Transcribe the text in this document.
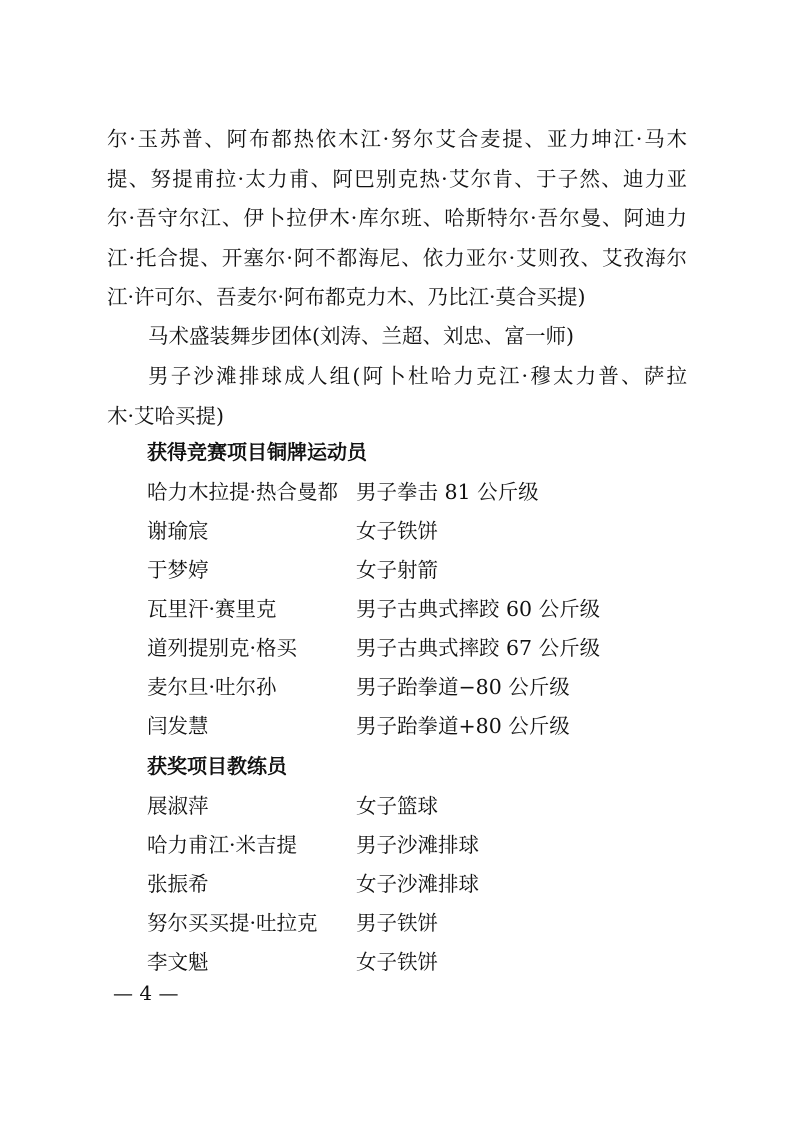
尔·玉苏普、阿布都热依木江·努尔艾合麦提、亚力坤江·马木
提、努提甫拉·太力甫、阿巴别克热·艾尔肯、于子然、迪力亚
尔·吾守尔江、伊卜拉伊木·库尔班、哈斯特尔·吾尔曼、阿迪力
江·托合提、开塞尔·阿不都海尼、依力亚尔·艾则孜、艾孜海尔
江·许可尔、吾麦尔·阿布都克力木、乃比江·莫合买提)
马术盛装舞步团体(刘涛、兰超、刘忠、富一师)
男子沙滩排球成人组(阿卜杜哈力克江·穆太力普、萨拉
木·艾哈买提)
获得竞赛项目铜牌运动员
哈力木拉提·热合曼都 男子拳击 81 公斤级
谢瑜宸	女子铁饼
于梦婷	女子射箭
瓦里汗·赛里克	男子古典式摔跤 60 公斤级
道列提别克·格买	男子古典式摔跤 67 公斤级
麦尔旦·吐尔孙	男子跆拳道−80 公斤级
闫发慧	男子跆拳道+80 公斤级
获奖项目教练员
展淑萍	女子篮球
哈力甫江·米吉提	男子沙滩排球
张振希	女子沙滩排球
努尔买买提·吐拉克 男子铁饼
李文魁	女子铁饼
— 4 —
